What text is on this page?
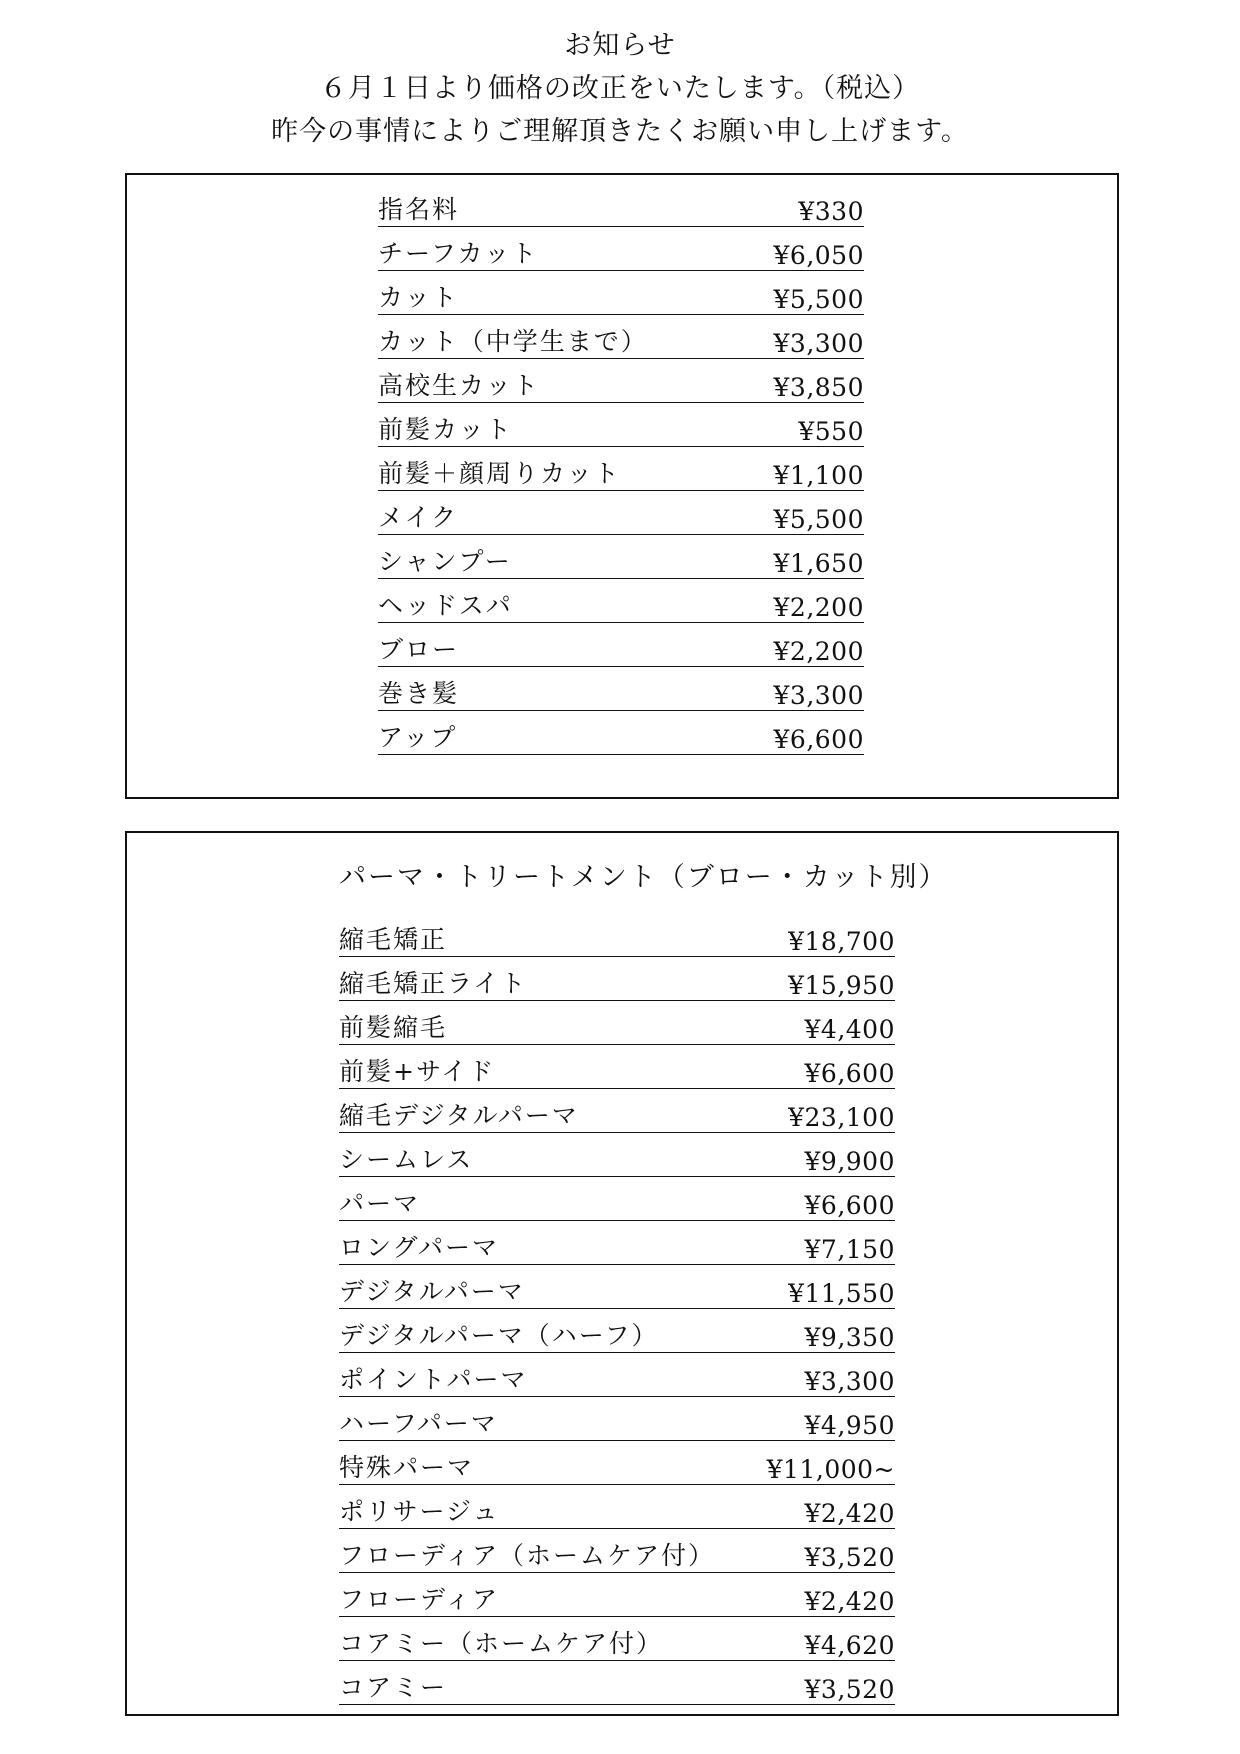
お知らせ
６月１日より価格の改正をいたします。（税込）
昨今の事情によりご理解頂きたくお願い申し上げます。
指名料	¥330
チーフカット	¥6,050
カット	¥5,500
カット（中学生まで）	¥3,300
高校生カット	¥3,850
前髪カット	¥550
前髪＋顔周りカット	¥1,100
メイク	¥5,500
シャンプー	¥1,650
ヘッドスパ	¥2,200
ブロー	¥2,200
巻き髪	¥3,300
アップ	¥6,600
パーマ・トリートメント（ブロー・カット別）
縮毛矯正	¥18,700
縮毛矯正ライト	¥15,950
前髪縮毛	¥4,400
前髪+サイド	¥6,600
縮毛デジタルパーマ	¥23,100
シームレス	¥9,900
パーマ	¥6,600
ロングパーマ	¥7,150
デジタルパーマ	¥11,550
デジタルパーマ（ハーフ）	¥9,350
ポイントパーマ	¥3,300
ハーフパーマ	¥4,950
特殊パーマ	¥11,000~
ポリサージュ	¥2,420
フローディア（ホームケア付）	¥3,520
フローディア	¥2,420
コアミー（ホームケア付）	¥4,620
コアミー	¥3,520
